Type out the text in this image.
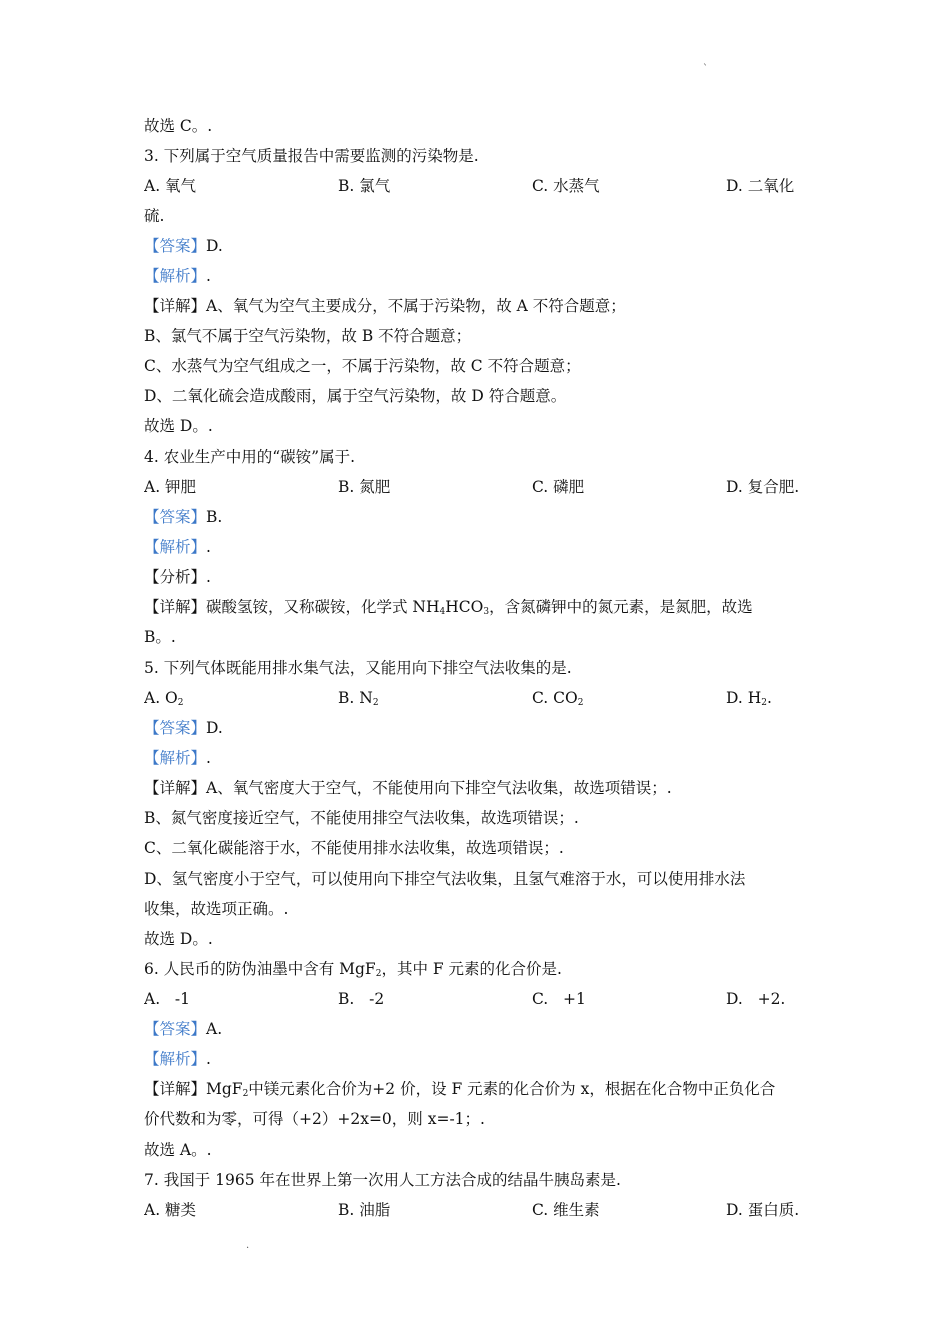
`
故选 C。.
3. 下列属于空气质量报告中需要监测的污染物是.
A. 氧气	B. 氯气	C. 水蒸气	D. 二氧化
硫.
【答案】D.
【解析】.
【详解】A、氧气为空气主要成分，不属于污染物，故 A 不符合题意；
B、氯气不属于空气污染物，故 B 不符合题意；
C、水蒸气为空气组成之一，不属于污染物，故 C 不符合题意；
D、二氧化硫会造成酸雨，属于空气污染物，故 D 符合题意。
故选 D。.
4. 农业生产中用的“碳铵”属于.
A. 钾肥	B. 氮肥	C. 磷肥	D. 复合肥.
【答案】B.
【解析】.
【分析】.
【详解】碳酸氢铵，又称碳铵，化学式 $NH_4HCO_3$，含氮磷钾中的氮元素，是氮肥，故选
B。.
5. 下列气体既能用排水集气法，又能用向下排空气法收集的是.
A. $O_2$	B. $N_2$	C. $CO_2$	D. $H_2$.
【答案】D.
【解析】.
【详解】A、氧气密度大于空气，不能使用向下排空气法收集，故选项错误；.
B、氮气密度接近空气，不能使用排空气法收集，故选项错误；.
C、二氧化碳能溶于水，不能使用排水法收集，故选项错误；.
D、氢气密度小于空气，可以使用向下排空气法收集，且氢气难溶于水，可以使用排水法
收集，故选项正确。.
故选 D。.
6. 人民币的防伪油墨中含有 MgF$_2$，其中 F 元素的化合价是.
A.   -1	B.   -2	C.   +1	D.   +2.
【答案】A.
【解析】.
【详解】MgF$_2$中镁元素化合价为+2 价，设 F 元素的化合价为 x，根据在化合物中正负化合
价代数和为零，可得（+2）+2x=0，则 x=-1；.
故选 A。.
7. 我国于 1965 年在世界上第一次用人工方法合成的结晶牛胰岛素是.
A. 糖类	B. 油脂	C. 维生素	D. 蛋白质.
.
